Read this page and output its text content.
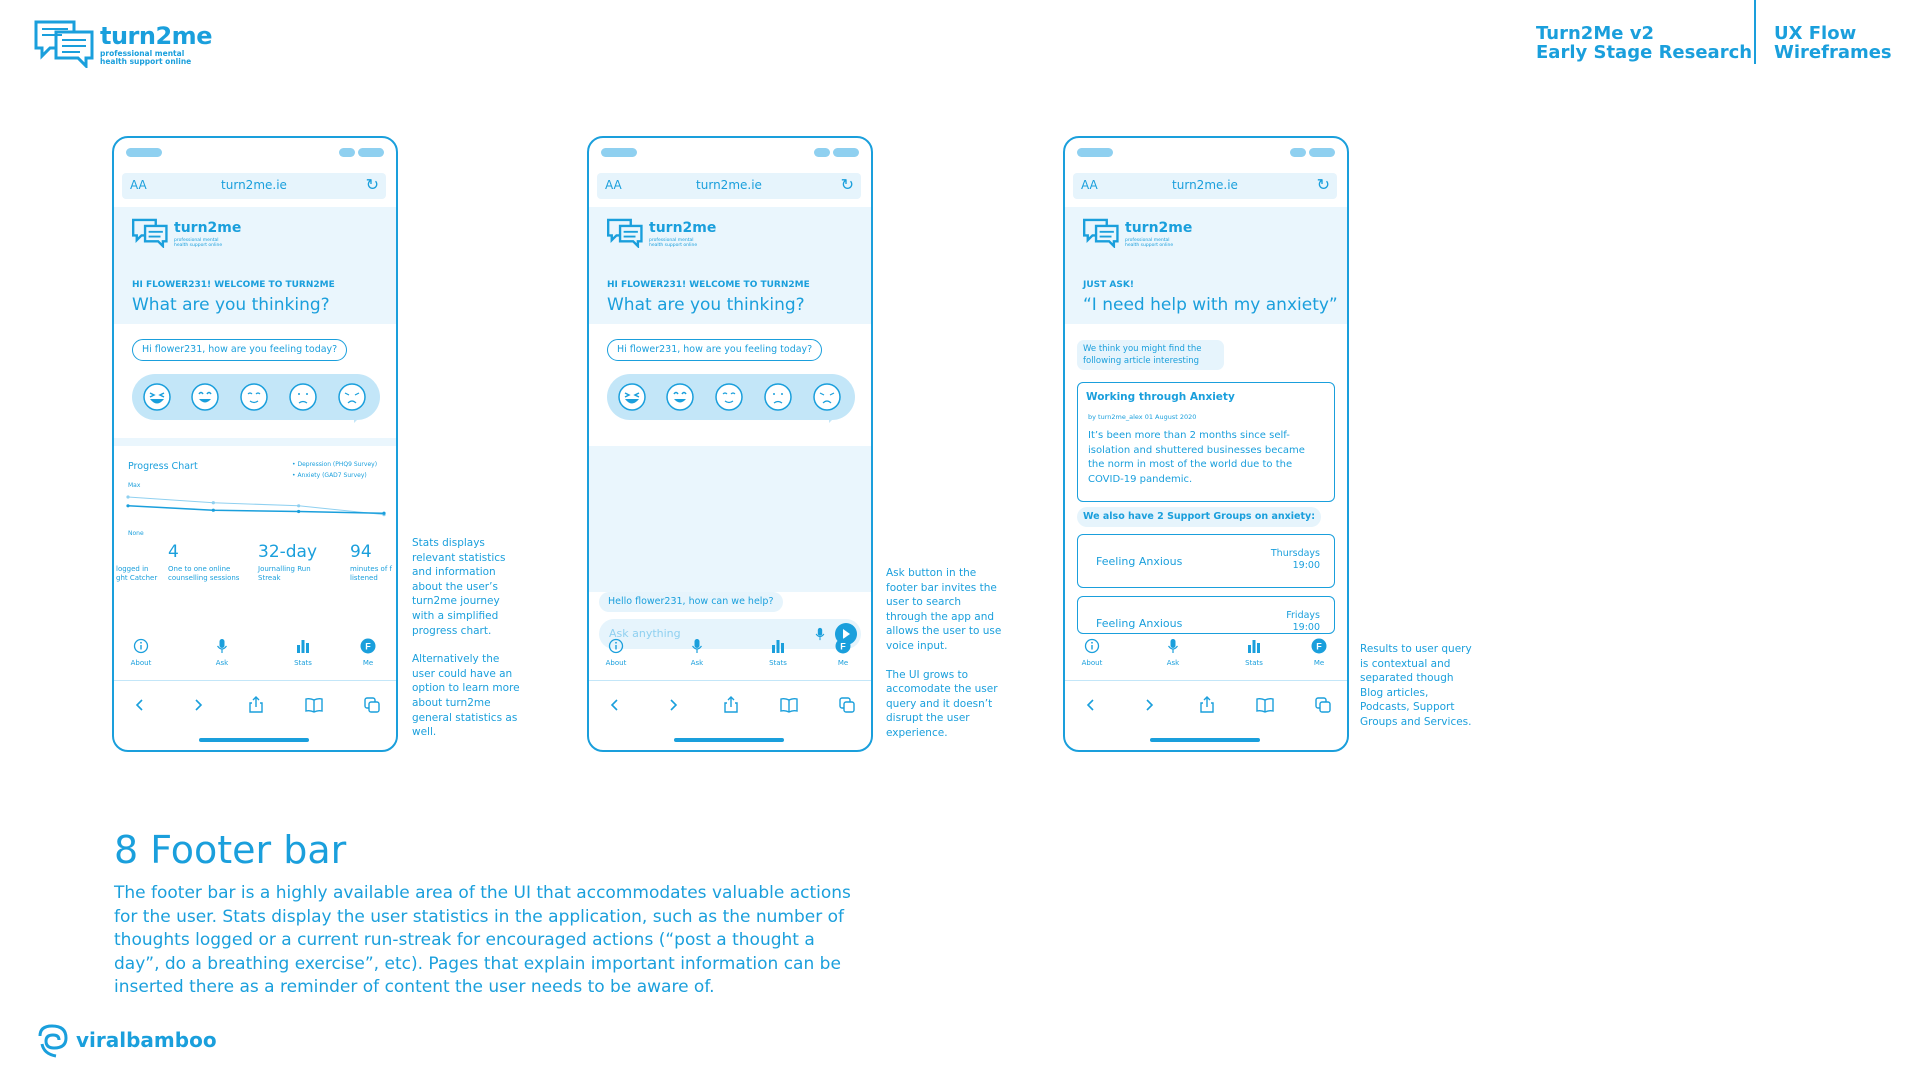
turn2me
professional mental health support online
Turn2Me v2
Early Stage Research
UX Flow
Wireframes
AA	turn2me.ie	↻
turn2me
professional mental health support online
HI FLOWER231! WELCOME TO TURN2ME
What are you thinking?
Hi flower231, how are you feeling today?
Progress Chart	• Depression (PHQ9 Survey)
• Anxiety (GAD7 Survey)
Max
None
logged in
ght Catcher
4
One to one online
counselling sessions
32-day
Journalling Run
Streak
94
minutes of f
listened
About	Ask	Stats
F
Me
AA	turn2me.ie	↻
turn2me
professional mental health support online
HI FLOWER231! WELCOME TO TURN2ME
What are you thinking?
Hi flower231, how are you feeling today?
Hello flower231, how can we help?
Ask anything
About	Ask	Stats
F
Me
AA	turn2me.ie	↻
turn2me
professional mental health support online
JUST ASK!
“I need help with my anxiety”
We think you might find the following article interesting
Working through Anxiety
by turn2me_alex 01 August 2020
It’s been more than 2 months since self-isolation and shuttered businesses became the norm in most of the world due to the COVID-19 pandemic.
We also have 2 Support Groups on anxiety:
Feeling Anxious
Thursdays
19:00
Feeling Anxious
Fridays
19:00
About	Ask	Stats
F
Me
Stats displays relevant statistics and information about the user’s turn2me journey with a simplified progress chart.
Alternatively the user could have an option to learn more about turn2me general statistics as well.
Ask button in the footer bar invites the user to search through the app and allows the user to use voice input.
The UI grows to accomodate the user query and it doesn’t disrupt the user experience.
Results to user query is contextual and separated though Blog articles, Podcasts, Support Groups and Services.
8 Footer bar
The footer bar is a highly available area of the UI that accommodates valuable actions for the user. Stats display the user statistics in the application, such as the number of thoughts logged or a current run-streak for encouraged actions (“post a thought a day”, do a breathing exercise”, etc). Pages that explain important information can be inserted there as a reminder of content the user needs to be aware of.
viralbamboo
